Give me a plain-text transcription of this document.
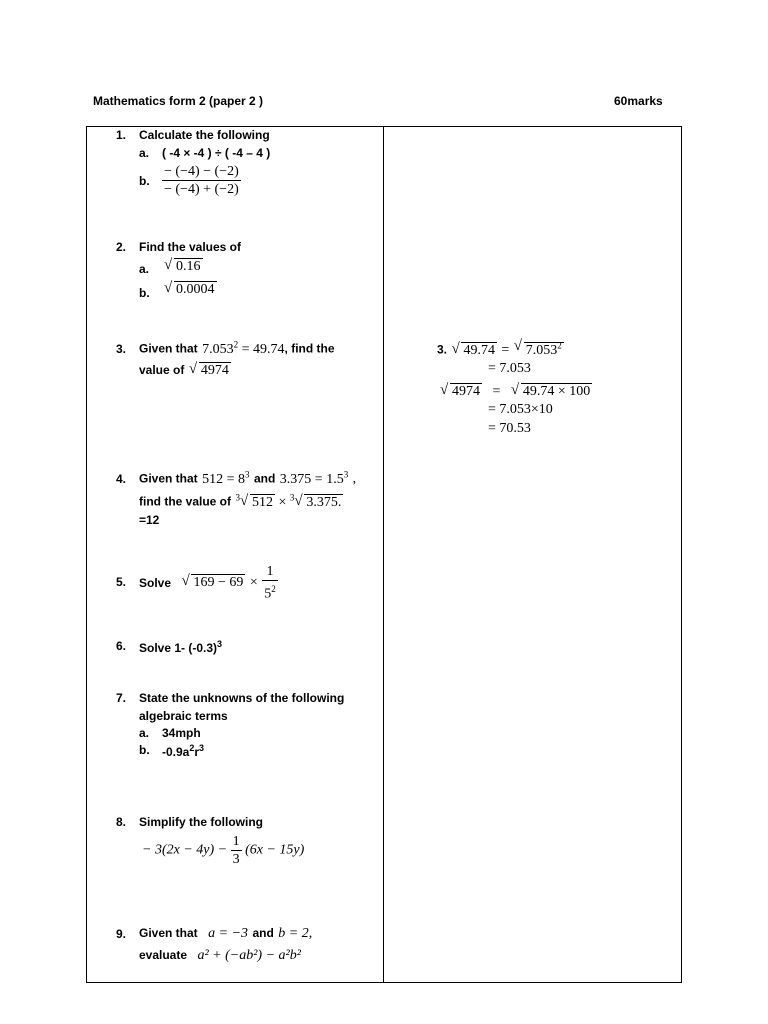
Mathematics form 2 (paper 2 )	60marks
1. Calculate the following
a. ( -4 × -4 ) ÷ ( -4 – 4 )
b. $\frac{- (-4) - (-2)}{- (-4) + (-2)}$
2. Find the values of
a. √ 0.16
b. √ 0.0004
3. Given that $7.053^2 = 49.74$, find the
value of √ 4974
4. Given that $512 = 8^3$ and $3.375 = 1.5^3$ ,
find the value of $^3$ √ 512 × $^3$ √ 3.375.
=12
5. Solve √ $169 - 69 \times \frac{1}{5^2}$
6. Solve 1- $(-0.3)^3$
7. State the unknowns of the following
algebraic terms
a. 34mph
b. $-0.9a^2r^3$
8. Simplify the following
− $3(2x - 4y) - \frac{1}{3} (6x - 15y)$
9. Given that a = −3 and b = 2,
evaluate a² + (−ab²) − a²b²
3. √ 49.74 = √ $7.053^2$
= 7.053
√ 4974 = √ 49.74 × 100
= 7.053×10
= 70.53
